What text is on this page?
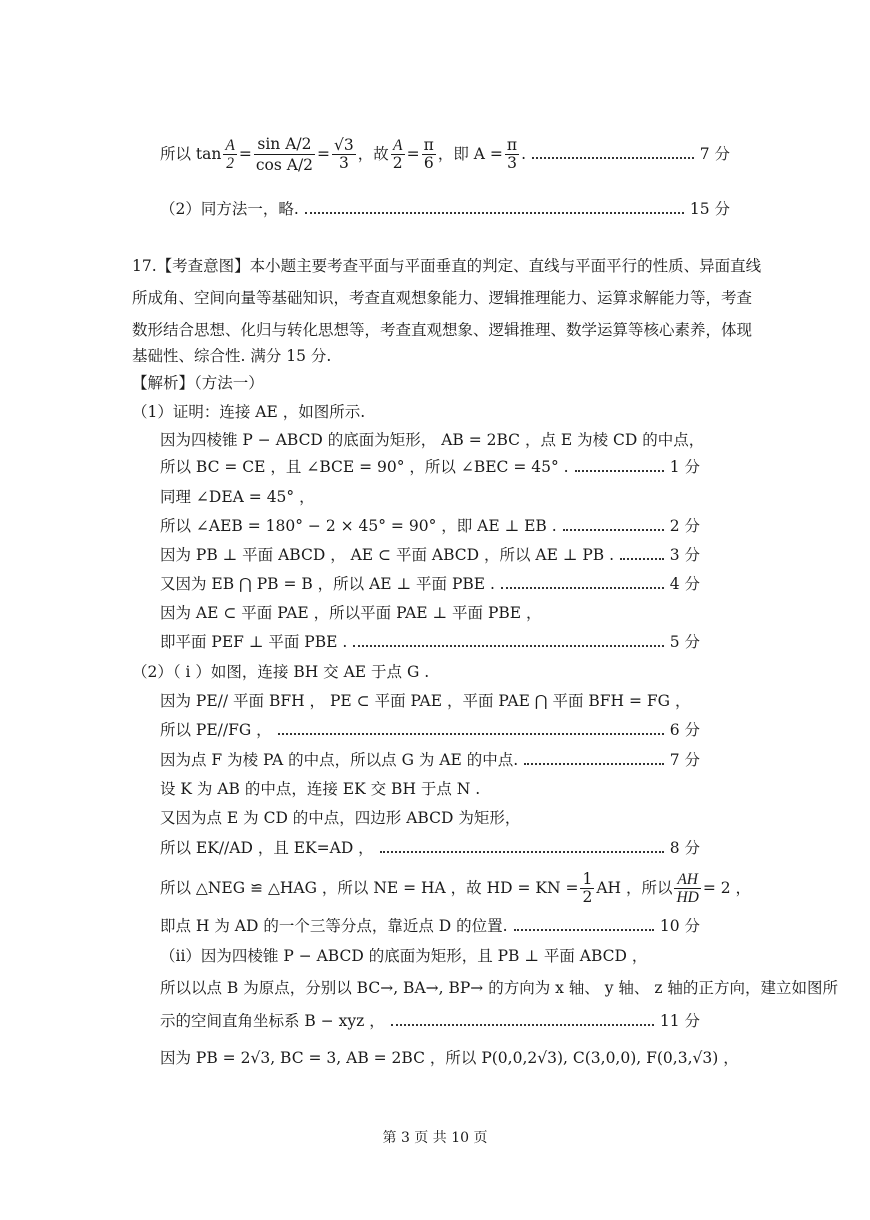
所以 $\tan \frac{A}{2} = \frac{\text{sin A/2}}{\text{cos A/2}} = \frac{√3}{3}$ ，故 $\frac{A}{2} = \frac{\pi}{6}$ ，即 $A = \frac{\pi}{3}$ .	7 分
（2）同方法一，略.	15 分
17.【考查意图】本小题主要考查平面与平面垂直的判定、直线与平面平行的性质、异面直线
所成角、空间向量等基础知识，考查直观想象能力、逻辑推理能力、运算求解能力等，考查
数形结合思想、化归与转化思想等，考查直观想象、逻辑推理、数学运算等核心素养，体现
基础性、综合性. 满分 15 分.
【解析】（方法一）
（1）证明：连接 AE ，如图所示.
因为四棱锥 P − ABCD 的底面为矩形， AB = 2BC ，点 E 为棱 CD 的中点，
所以 BC = CE ，且 ∠BCE = 90° ，所以 ∠BEC = 45° .	1 分
同理 ∠DEA = 45° ，
所以 ∠AEB = 180° − 2 × 45° = 90° ，即 AE ⊥ EB .	2 分
因为 PB ⊥ 平面 ABCD ， AE ⊂ 平面 ABCD ，所以 AE ⊥ PB .	3 分
又因为 EB ⋂ PB = B ，所以 AE ⊥ 平面 PBE .	4 分
因为 AE ⊂ 平面 PAE ，所以平面 PAE ⊥ 平面 PBE ，
即平面 PEF ⊥ 平面 PBE .	5 分
（2）（ i ）如图，连接 BH 交 AE 于点 G .
因为 PE// 平面 BFH ， PE ⊂ 平面 PAE ，平面 PAE ⋂ 平面 BFH = FG ，
所以 PE//FG ，	6 分
因为点 F 为棱 PA 的中点，所以点 G 为 AE 的中点.	7 分
设 K 为 AB 的中点，连接 EK 交 BH 于点 N .
又因为点 E 为 CD 的中点，四边形 ABCD 为矩形，
所以 EK//AD ，且 EK=AD ，	8 分
所以 △NEG ≌ △HAG ，所以 NE = HA ，故 HD = KN = $\frac{1}{2}$ AH ，所以 $\frac{AH}{HD} = 2$ ，
即点 H 为 AD 的一个三等分点，靠近点 D 的位置.	10 分
（ii）因为四棱锥 P − ABCD 的底面为矩形，且 PB ⊥ 平面 ABCD ，
所以以点 B 为原点，分别以 BC→, BA→, BP→ 的方向为 x 轴、 y 轴、 z 轴的正方向，建立如图所
示的空间直角坐标系 B − xyz ，	11 分
因为 PB = 2√3, BC = 3, AB = 2BC ，所以 P(0,0,2√3), C(3,0,0), F(0,3,√3) ，
第 3 页 共 10 页
